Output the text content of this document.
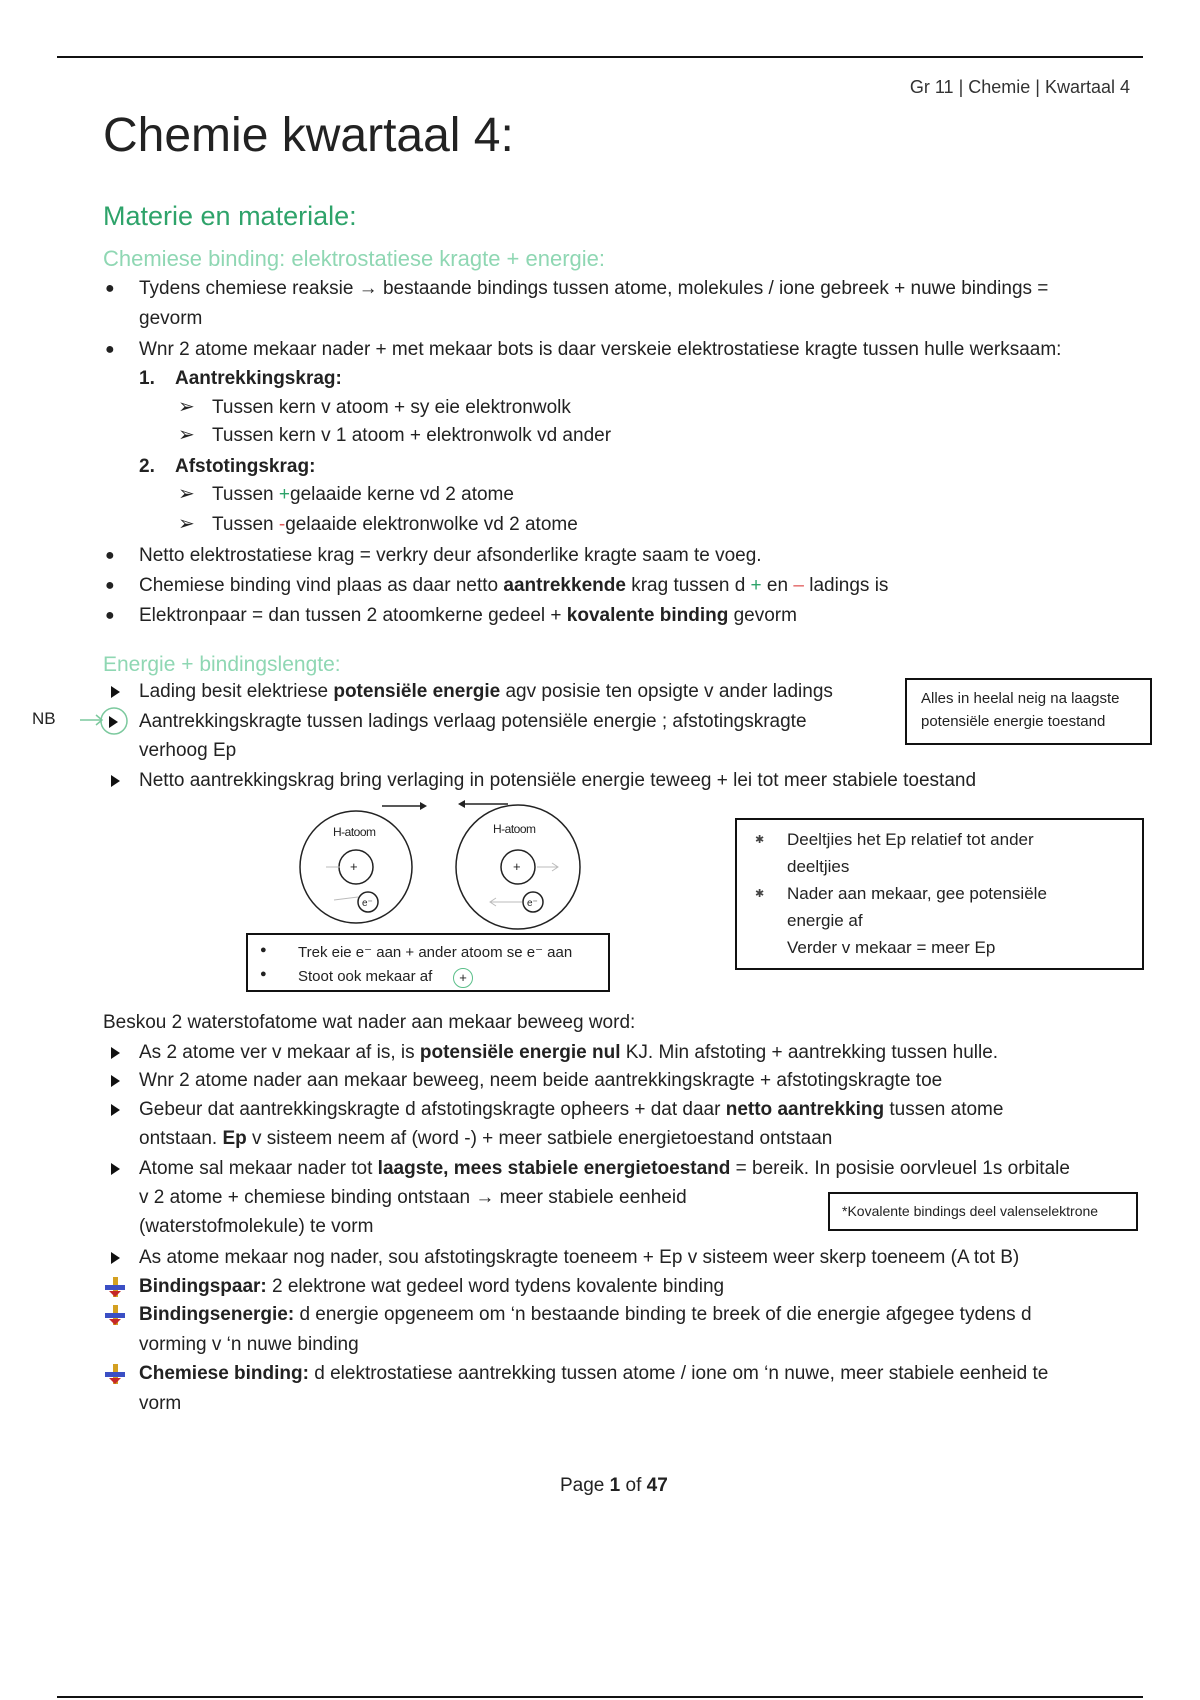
Gr 11 | Chemie | Kwartaal 4
Chemie kwartaal 4:
Materie en materiale:
Chemiese binding: elektrostatiese kragte + energie:
● Tydens chemiese reaksie → bestaande bindings tussen atome, molekules / ione gebreek + nuwe bindings =
gevorm
● Wnr 2 atome mekaar nader + met mekaar bots is daar verskeie elektrostatiese kragte tussen hulle werksaam:
1. Aantrekkingskrag:
➢ Tussen kern v atoom + sy eie elektronwolk
➢ Tussen kern v 1 atoom + elektronwolk vd ander
2. Afstotingskrag:
➢ Tussen +gelaaide kerne vd 2 atome
➢ Tussen -gelaaide elektronwolke vd 2 atome
● Netto elektrostatiese krag = verkry deur afsonderlike kragte saam te voeg.
● Chemiese binding vind plaas as daar netto aantrekkende krag tussen d + en – ladings is
● Elektronpaar = dan tussen 2 atoomkerne gedeel + kovalente binding gevorm
Energie + bindingslengte:
Lading besit elektriese potensiële energie agv posisie ten opsigte v ander ladings
NB	Aantrekkingskragte tussen ladings verlaag potensiële energie ; afstotingskragte
verhoog Ep
Netto aantrekkingskrag bring verlaging in potensiële energie teweeg + lei tot meer stabiele toestand
Alles in heelal neig na laagste
potensiële energie toestand
H-atoom	H-atoom
+	+
e⁻	e⁻
● Trek eie e⁻ aan + ander atoom se e⁻ aan
● Stoot ook mekaar af	+
✱ Deeltjies het Ep relatief tot ander
deeltjies
✱ Nader aan mekaar, gee potensiële
energie af
Verder v mekaar = meer Ep
Beskou 2 waterstofatome wat nader aan mekaar beweeg word:
As 2 atome ver v mekaar af is, is potensiële energie nul KJ. Min afstoting + aantrekking tussen hulle.
Wnr 2 atome nader aan mekaar beweeg, neem beide aantrekkingskragte + afstotingskragte toe
Gebeur dat aantrekkingskragte d afstotingskragte opheers + dat daar netto aantrekking tussen atome
ontstaan. Ep v sisteem neem af (word -) + meer satbiele energietoestand ontstaan
Atome sal mekaar nader tot laagste, mees stabiele energietoestand = bereik. In posisie oorvleuel 1s orbitale
v 2 atome + chemiese binding ontstaan → meer stabiele eenheid
(waterstofmolekule) te vorm
*Kovalente bindings deel valenselektrone
As atome mekaar nog nader, sou afstotingskragte toeneem + Ep v sisteem weer skerp toeneem (A tot B)
Bindingspaar: 2 elektrone wat gedeel word tydens kovalente binding
Bindingsenergie: d energie opgeneem om ‘n bestaande binding te breek of die energie afgegee tydens d
vorming v ‘n nuwe binding
Chemiese binding: d elektrostatiese aantrekking tussen atome / ione om ‘n nuwe, meer stabiele eenheid te
vorm
Page 1 of 47
